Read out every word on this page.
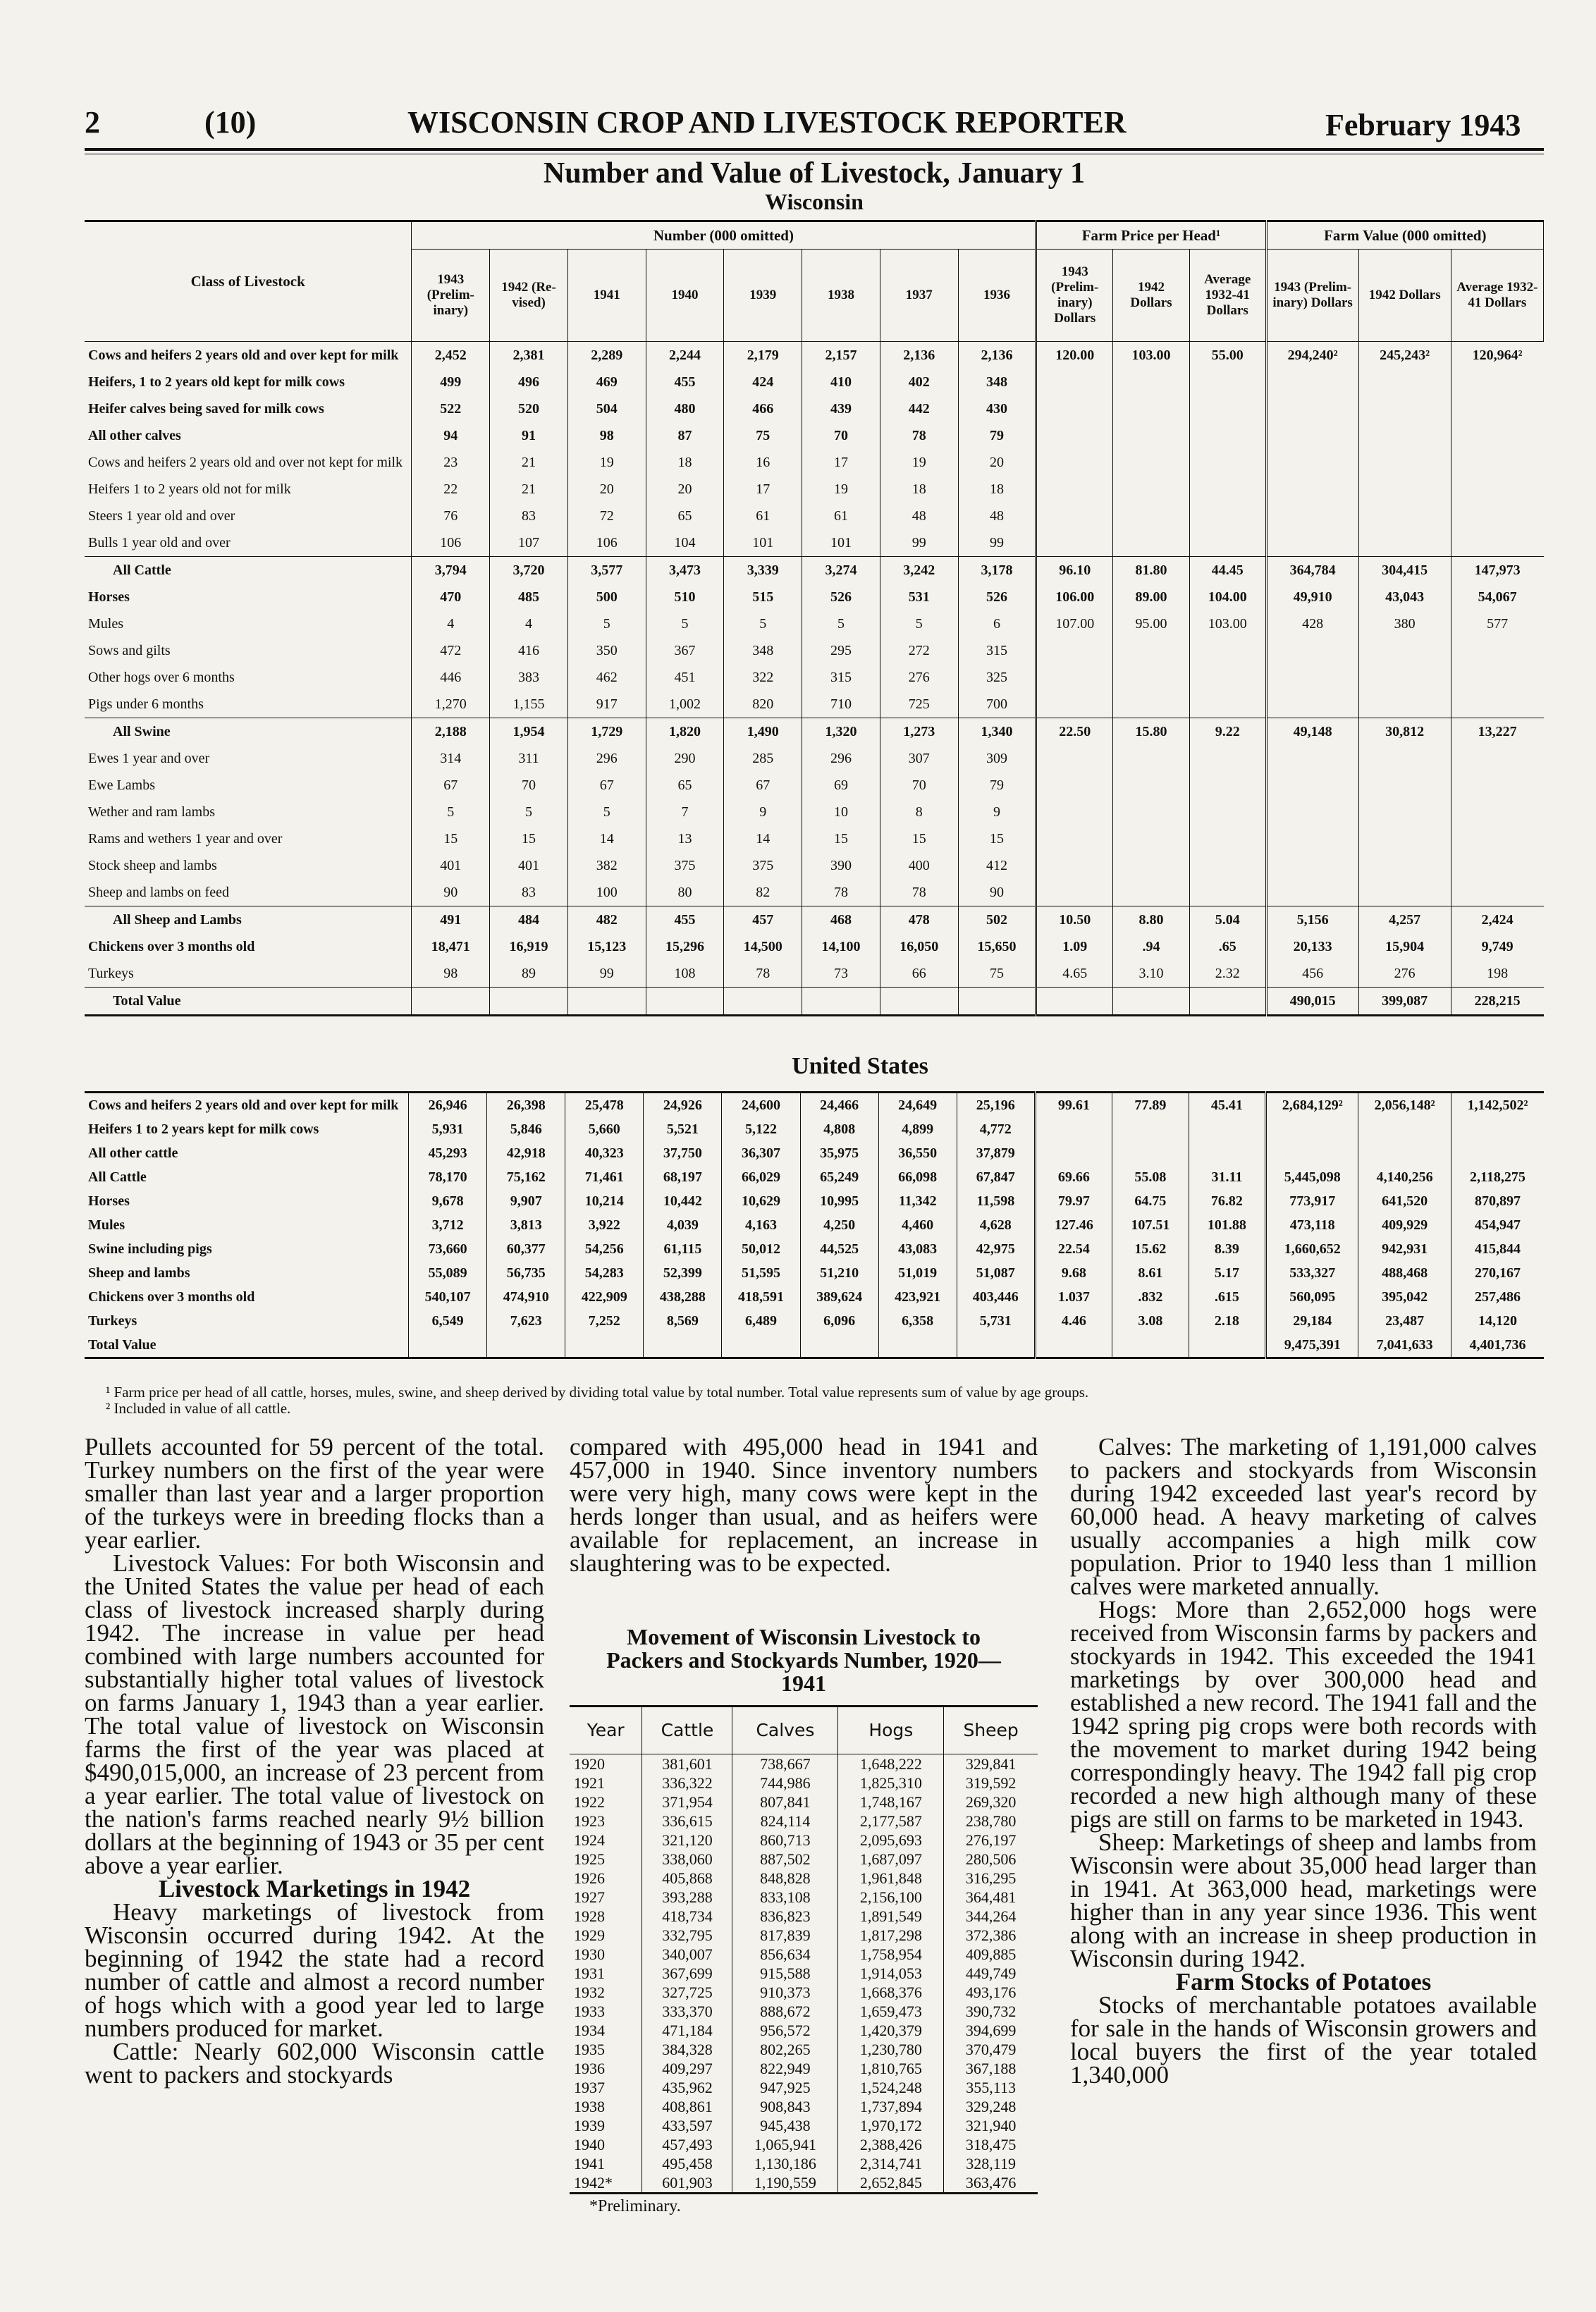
2	(10)	WISCONSIN CROP AND LIVESTOCK REPORTER	February 1943
Number and Value of Livestock, January 1
Wisconsin
Class of Livestock	Number (000 omitted)								Farm Price per Head¹			Farm Value (000 omitted)		
	1943 (Prelim-inary)	1942 (Re-vised)	1941	1940	1939	1938	1937	1936	1943 (Prelim-inary) Dollars	1942 Dollars	Average 1932-41 Dollars	1943 (Prelim-inary) Dollars	1942 Dollars	Average 1932-41 Dollars
Cows and heifers 2 years old and over kept for milk	2,452	2,381	2,289	2,244	2,179	2,157	2,136	2,136	120.00	103.00	55.00	294,240²	245,243²	120,964²
Heifers, 1 to 2 years old kept for milk cows	499	496	469	455	424	410	402	348						
Heifer calves being saved for milk cows	522	520	504	480	466	439	442	430						
All other calves	94	91	98	87	75	70	78	79						
Cows and heifers 2 years old and over not kept for milk	23	21	19	18	16	17	19	20						
Heifers 1 to 2 years old not for milk	22	21	20	20	17	19	18	18						
Steers 1 year old and over	76	83	72	65	61	61	48	48						
Bulls 1 year old and over	106	107	106	104	101	101	99	99						
All Cattle	3,794	3,720	3,577	3,473	3,339	3,274	3,242	3,178	96.10	81.80	44.45	364,784	304,415	147,973
Horses	470	485	500	510	515	526	531	526	106.00	89.00	104.00	49,910	43,043	54,067
Mules	4	4	5	5	5	5	5	6	107.00	95.00	103.00	428	380	577
Sows and gilts	472	416	350	367	348	295	272	315						
Other hogs over 6 months	446	383	462	451	322	315	276	325						
Pigs under 6 months	1,270	1,155	917	1,002	820	710	725	700						
All Swine	2,188	1,954	1,729	1,820	1,490	1,320	1,273	1,340	22.50	15.80	9.22	49,148	30,812	13,227
Ewes 1 year and over	314	311	296	290	285	296	307	309						
Ewe Lambs	67	70	67	65	67	69	70	79						
Wether and ram lambs	5	5	5	7	9	10	8	9						
Rams and wethers 1 year and over	15	15	14	13	14	15	15	15						
Stock sheep and lambs	401	401	382	375	375	390	400	412						
Sheep and lambs on feed	90	83	100	80	82	78	78	90						
All Sheep and Lambs	491	484	482	455	457	468	478	502	10.50	8.80	5.04	5,156	4,257	2,424
Chickens over 3 months old	18,471	16,919	15,123	15,296	14,500	14,100	16,050	15,650	1.09	.94	.65	20,133	15,904	9,749
Turkeys	98	89	99	108	78	73	66	75	4.65	3.10	2.32	456	276	198
Total Value												490,015	399,087	228,215
United States
Cows and heifers 2 years old and over kept for milk	26,946	26,398	25,478	24,926	24,600	24,466	24,649	25,196	99.61	77.89	45.41	2,684,129²	2,056,148²	1,142,502²
Heifers 1 to 2 years kept for milk cows	5,931	5,846	5,660	5,521	5,122	4,808	4,899	4,772						
All other cattle	45,293	42,918	40,323	37,750	36,307	35,975	36,550	37,879						
All Cattle	78,170	75,162	71,461	68,197	66,029	65,249	66,098	67,847	69.66	55.08	31.11	5,445,098	4,140,256	2,118,275
Horses	9,678	9,907	10,214	10,442	10,629	10,995	11,342	11,598	79.97	64.75	76.82	773,917	641,520	870,897
Mules	3,712	3,813	3,922	4,039	4,163	4,250	4,460	4,628	127.46	107.51	101.88	473,118	409,929	454,947
Swine including pigs	73,660	60,377	54,256	61,115	50,012	44,525	43,083	42,975	22.54	15.62	8.39	1,660,652	942,931	415,844
Sheep and lambs	55,089	56,735	54,283	52,399	51,595	51,210	51,019	51,087	9.68	8.61	5.17	533,327	488,468	270,167
Chickens over 3 months old	540,107	474,910	422,909	438,288	418,591	389,624	423,921	403,446	1.037	.832	.615	560,095	395,042	257,486
Turkeys	6,549	7,623	7,252	8,569	6,489	6,096	6,358	5,731	4.46	3.08	2.18	29,184	23,487	14,120
Total Value												9,475,391	7,041,633	4,401,736
¹ Farm price per head of all cattle, horses, mules, swine, and sheep derived by dividing total value by total number. Total value represents sum of value by age groups.
² Included in value of all cattle.

Pullets accounted for 59 percent of the total. Turkey numbers on the first of the year were smaller than last year and a larger proportion of the turkeys were in breeding flocks than a year earlier.

Livestock Values: For both Wisconsin and the United States the value per head of each class of livestock increased sharply during 1942. The increase in value per head combined with large numbers accounted for substantially higher total values of livestock on farms January 1, 1943 than a year earlier. The total value of livestock on Wisconsin farms the first of the year was placed at $490,015,000, an increase of 23 percent from a year earlier. The total value of livestock on the nation's farms reached nearly 9½ billion dollars at the beginning of 1943 or 35 per cent above a year earlier.

Livestock Marketings in 1942

Heavy marketings of livestock from Wisconsin occurred during 1942. At the beginning of 1942 the state had a record number of cattle and almost a record number of hogs which with a good year led to large numbers produced for market.

Cattle: Nearly 602,000 Wisconsin cattle went to packers and stockyards

compared with 495,000 head in 1941 and 457,000 in 1940. Since inventory numbers were very high, many cows were kept in the herds longer than usual, and as heifers were available for replacement, an increase in slaughtering was to be expected.

Movement of Wisconsin Livestock to Packers and Stockyards Number, 1920—1941
Year	Cattle	Calves	Hogs	Sheep
1920	381,601	738,667	1,648,222	329,841
1921	336,322	744,986	1,825,310	319,592
1922	371,954	807,841	1,748,167	269,320
1923	336,615	824,114	2,177,587	238,780
1924	321,120	860,713	2,095,693	276,197
1925	338,060	887,502	1,687,097	280,506
1926	405,868	848,828	1,961,848	316,295
1927	393,288	833,108	2,156,100	364,481
1928	418,734	836,823	1,891,549	344,264
1929	332,795	817,839	1,817,298	372,386
1930	340,007	856,634	1,758,954	409,885
1931	367,699	915,588	1,914,053	449,749
1932	327,725	910,373	1,668,376	493,176
1933	333,370	888,672	1,659,473	390,732
1934	471,184	956,572	1,420,379	394,699
1935	384,328	802,265	1,230,780	370,479
1936	409,297	822,949	1,810,765	367,188
1937	435,962	947,925	1,524,248	355,113
1938	408,861	908,843	1,737,894	329,248
1939	433,597	945,438	1,970,172	321,940
1940	457,493	1,065,941	2,388,426	318,475
1941	495,458	1,130,186	2,314,741	328,119
1942*	601,903	1,190,559	2,652,845	363,476
*Preliminary.

Calves: The marketing of 1,191,000 calves to packers and stockyards from Wisconsin during 1942 exceeded last year's record by 60,000 head. A heavy marketing of calves usually accompanies a high milk cow population. Prior to 1940 less than 1 million calves were marketed annually.

Hogs: More than 2,652,000 hogs were received from Wisconsin farms by packers and stockyards in 1942. This exceeded the 1941 marketings by over 300,000 head and established a new record. The 1941 fall and the 1942 spring pig crops were both records with the movement to market during 1942 being correspondingly heavy. The 1942 fall pig crop recorded a new high although many of these pigs are still on farms to be marketed in 1943.

Sheep: Marketings of sheep and lambs from Wisconsin were about 35,000 head larger than in 1941. At 363,000 head, marketings were higher than in any year since 1936. This went along with an increase in sheep production in Wisconsin during 1942.

Farm Stocks of Potatoes

Stocks of merchantable potatoes available for sale in the hands of Wisconsin growers and local buyers the first of the year totaled 1,340,000
